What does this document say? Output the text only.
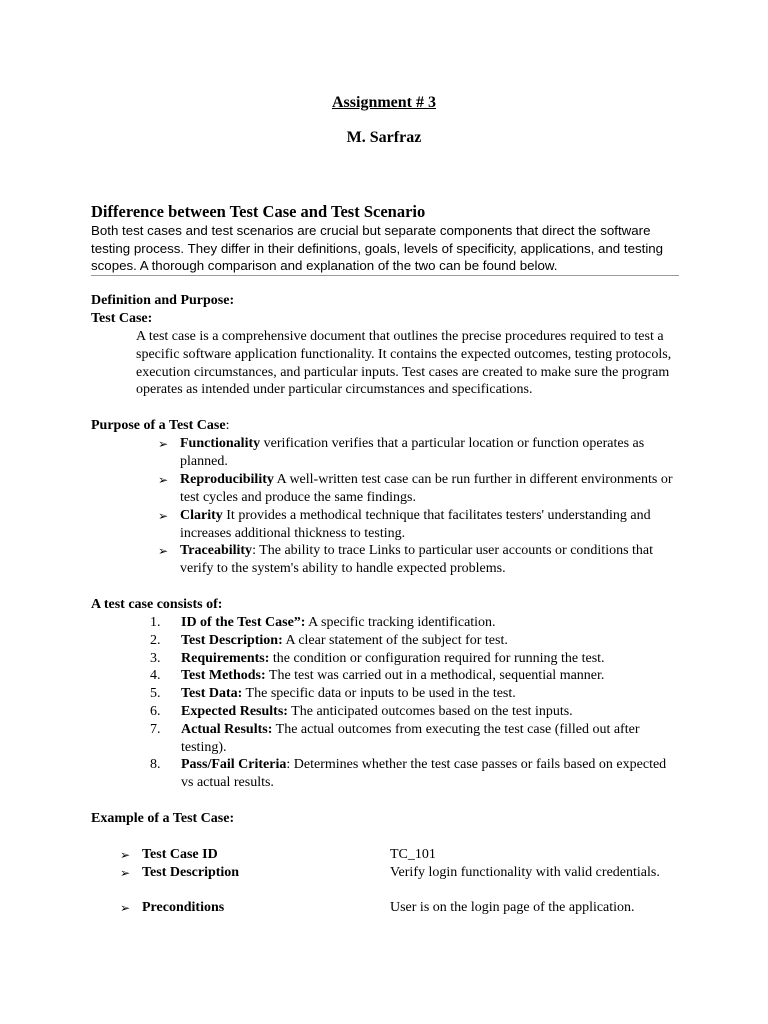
Assignment # 3
M. Sarfraz
Difference between Test Case and Test Scenario
Both test cases and test scenarios are crucial but separate components that direct the software testing process. They differ in their definitions, goals, levels of specificity, applications, and testing scopes. A thorough comparison and explanation of the two can be found below.
Definition and Purpose:
Test Case:
A test case is a comprehensive document that outlines the precise procedures required to test a specific software application functionality. It contains the expected outcomes, testing protocols, execution circumstances, and particular inputs. Test cases are created to make sure the program operates as intended under particular circumstances and specifications.
Purpose of a Test Case:
➢ Functionality verification verifies that a particular location or function operates as planned.
➢ Reproducibility A well-written test case can be run further in different environments or test cycles and produce the same findings.
➢ Clarity It provides a methodical technique that facilitates testers' understanding and increases additional thickness to testing.
➢ Traceability: The ability to trace Links to particular user accounts or conditions that verify to the system's ability to handle expected problems.
A test case consists of:
1.	ID of the Test Case”: A specific tracking identification.
2.	Test Description: A clear statement of the subject for test.
3.	Requirements: the condition or configuration required for running the test.
4.	Test Methods: The test was carried out in a methodical, sequential manner.
5.	Test Data: The specific data or inputs to be used in the test.
6.	Expected Results: The anticipated outcomes based on the test inputs.
7.	Actual Results: The actual outcomes from executing the test case (filled out after testing).
8.	Pass/Fail Criteria: Determines whether the test case passes or fails based on expected vs actual results.
Example of a Test Case:
➢ Test Case ID	TC_101
➢ Test Description	Verify login functionality with valid credentials.
➢ Preconditions	User is on the login page of the application.
